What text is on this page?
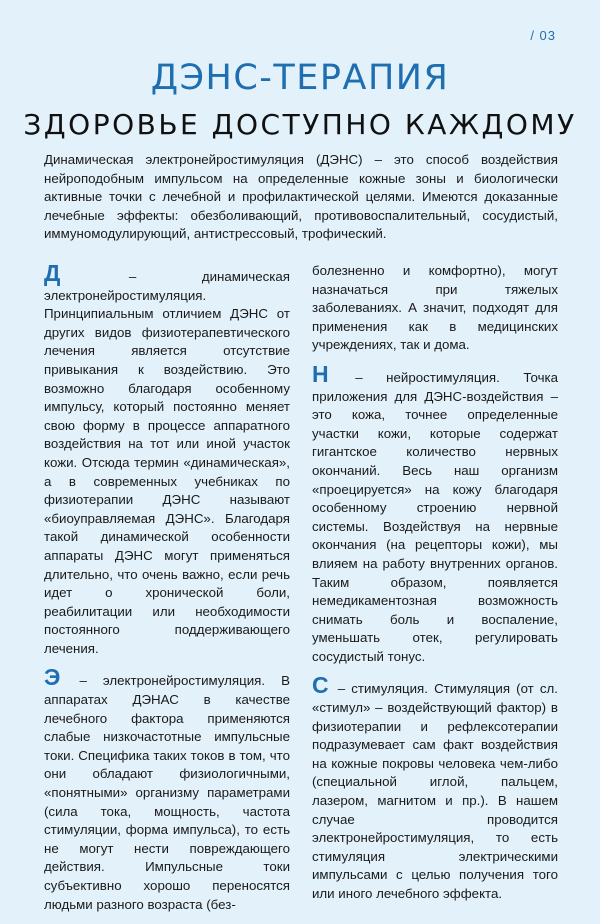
/ 03
ДЭНС-ТЕРАПИЯ
ЗДОРОВЬЕ ДОСТУПНО КАЖДОМУ

Динамическая электронейростимуляция (ДЭНС) – это способ воздействия нейроподобным импульсом на определенные кожные зоны и биологически активные точки с лечебной и профилактической целями. Имеются доказанные лечебные эффекты: обезболивающий, противовоспалительный, сосудистый, иммуномодулирующий, антистрессовый, трофический.

Д – динамическая электронейростимуляция. Принципиальным отличием ДЭНС от других видов физиотерапевтического лечения является отсутствие привыкания к воздействию. Это возможно благодаря особенному импульсу, который постоянно меняет свою форму в процессе аппаратного воздействия на тот или иной участок кожи. Отсюда термин «динамическая», а в современных учебниках по физиотерапии ДЭНС называют «биоуправляемая ДЭНС». Благодаря такой динамической особенности аппараты ДЭНС могут применяться длительно, что очень важно, если речь идет о хронической боли, реабилитации или необходимости постоянного поддерживающего лечения.

Э – электронейростимуляция. В аппаратах ДЭНАС в качестве лечебного фактора применяются слабые низкочастотные импульсные токи. Специфика таких токов в том, что они обладают физиологичными, «понятными» организму параметрами (сила тока, мощность, частота стимуляции, форма импульса), то есть не могут нести повреждающего действия. Импульсные токи субъективно хорошо переносятся людьми разного возраста (без-

болезненно и комфортно), могут назначаться при тяжелых заболеваниях. А значит, подходят для применения как в медицинских учреждениях, так и дома.

Н – нейростимуляция. Точка приложения для ДЭНС-воздействия – это кожа, точнее определенные участки кожи, которые содержат гигантское количество нервных окончаний. Весь наш организм «проецируется» на кожу благодаря особенному строению нервной системы. Воздействуя на нервные окончания (на рецепторы кожи), мы влияем на работу внутренних органов. Таким образом, появляется немедикаментозная возможность снимать боль и воспаление, уменьшать отек, регулировать сосудистый тонус.

С – стимуляция. Стимуляция (от сл. «стимул» – воздействующий фактор) в физиотерапии и рефлексотерапии подразумевает сам факт воздействия на кожные покровы человека чем-либо (специальной иглой, пальцем, лазером, магнитом и пр.). В нашем случае проводится электронейростимуляция, то есть стимуляция электрическими импульсами с целью получения того или иного лечебного эффекта.
